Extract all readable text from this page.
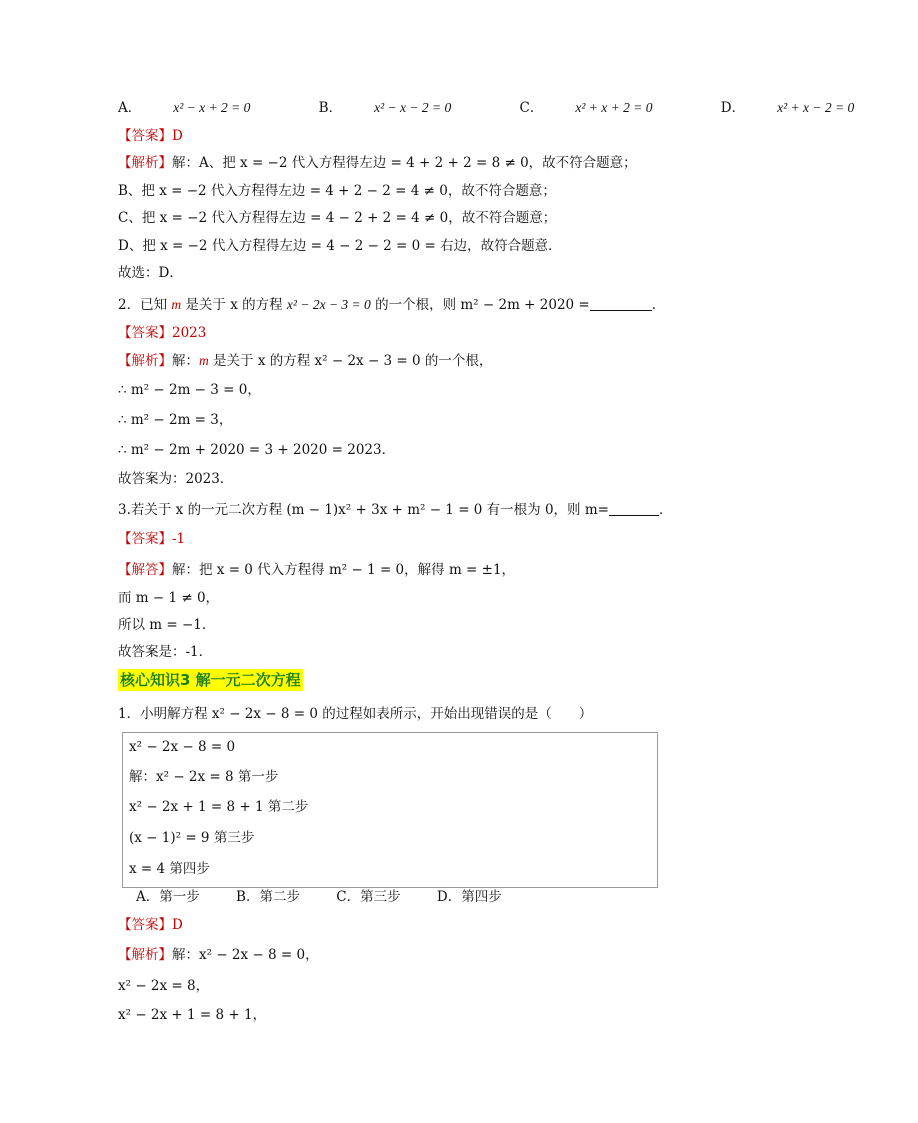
A． x² − x + 2 = 0	B． x² − x − 2 = 0	C． x² + x + 2 = 0	D． x² + x − 2 = 0
【答案】D
【解析】解：A、把 x = −2 代入方程得左边 = 4 + 2 + 2 = 8 ≠ 0，故不符合题意；
B、把 x = −2 代入方程得左边 = 4 + 2 − 2 = 4 ≠ 0，故不符合题意；
C、把 x = −2 代入方程得左边 = 4 − 2 + 2 = 4 ≠ 0，故不符合题意；
D、把 x = −2 代入方程得左边 = 4 − 2 − 2 = 0 = 右边，故符合题意．
故选：D．
2．已知 m 是关于 x 的方程 x² − 2x − 3 = 0 的一个根，则 m² − 2m + 2020 =	．
【答案】2023
【解析】解：m 是关于 x 的方程 x² − 2x − 3 = 0 的一个根，
∴ m² − 2m − 3 = 0，
∴ m² − 2m = 3，
∴ m² − 2m + 2020 = 3 + 2020 = 2023．
故答案为：2023．
3.若关于 x 的一元二次方程 (m − 1)x² + 3x + m² − 1 = 0 有一根为 0，则 m=	．
【答案】-1
【解答】解：把 x = 0 代入方程得 m² − 1 = 0，解得 m = ±1，
而 m − 1 ≠ 0，
所以 m = −1．
故答案是：-1．
核心知识3 解一元二次方程
1．小明解方程 x² − 2x − 8 = 0 的过程如表所示，开始出现错误的是（　　）
x² − 2x − 8 = 0
解：x² − 2x = 8 第一步
x² − 2x + 1 = 8 + 1 第二步
(x − 1)² = 9 第三步
x = 4 第四步
A．第一步	B．第二步	C．第三步	D．第四步
【答案】D
【解析】解：x² − 2x − 8 = 0，
x² − 2x = 8，
x² − 2x + 1 = 8 + 1，
